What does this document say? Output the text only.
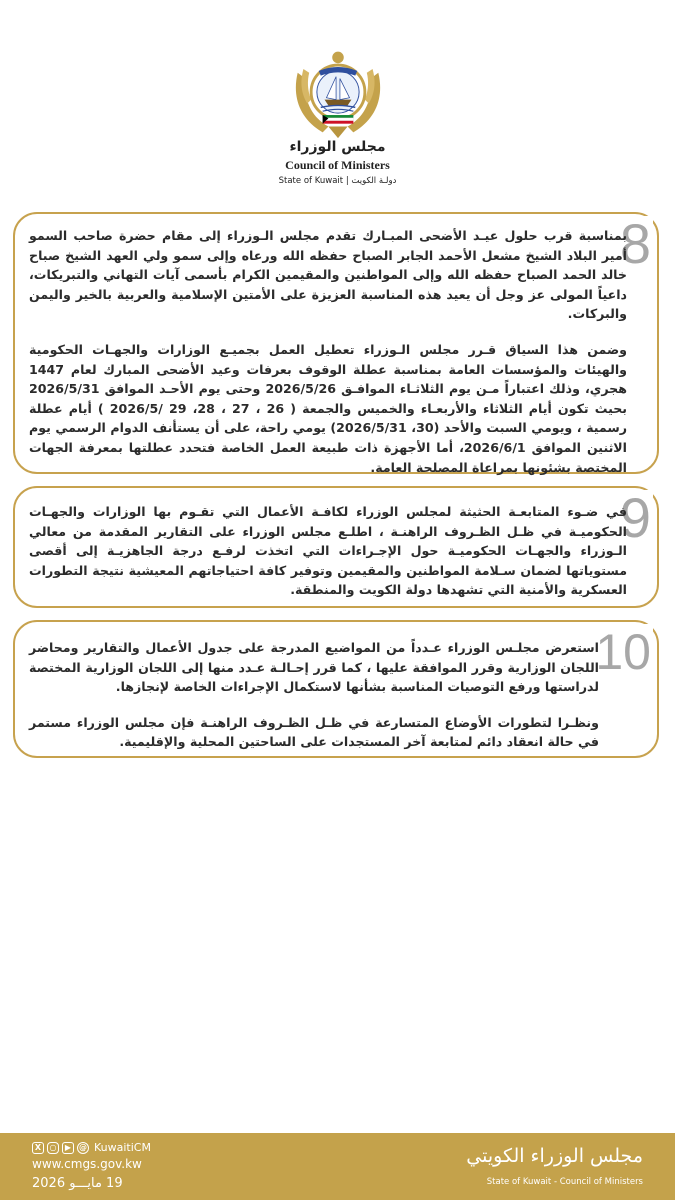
مجلس الوزراء
Council of Ministers
State of Kuwait | دولـة الكويت
8

بمناسبة قرب حلول عيـد الأضحى المبـارك تقدم مجلس الـوزراء إلى مقام حضرة صاحب السمو أمير البلاد الشيخ مشعل الأحمد الجابر الصباح حفظه الله ورعاه وإلى سمو ولي العهد الشيخ صباح خالد الحمد الصباح حفظه الله وإلى المواطنين والمقيمين الكرام بأسمى آيات التهاني والتبريكات، داعياً المولى عز وجل أن يعيد هذه المناسبة العزيزة على الأمتين الإسلامية والعربية بالخير واليمن والبركات.

وضمن هذا السياق قـرر مجلس الـوزراء تعطيل العمل بجميـع الوزارات والجهـات الحكومية والهيئات والمؤسسات العامة بمناسبة عطلة الوقوف بعرفات وعيد الأضحى المبارك لعام 1447 هجري، وذلك اعتباراً مـن يوم الثلاثـاء الموافـق 2026/5/26 وحتى يوم الأحـد الموافق 2026/5/31 بحيث تكون أيام الثلاثاء والأربعـاء والخميس والجمعة ( 26 ، 27 ، 28، 29 /2026/5 ) أيام عطلة رسمية ، ويومي السبت والأحد (30، 2026/5/31) يومي راحة، على أن يستأنف الدوام الرسمي يوم الاثنين الموافق 2026/6/1، أما الأجهزة ذات طبيعة العمل الخاصة فتحدد عطلتها بمعرفة الجهات المختصة بشئونها بمراعاة المصلحة العامة.

9

في ضـوء المتابعـة الحثيثة لمجلس الوزراء لكافـة الأعمال التي تقـوم بها الوزارات والجهـات الحكوميـة في ظـل الظـروف الراهنـة ، اطلـع مجلس الوزراء على التقارير المقدمة من معالي الـوزراء والجهـات الحكوميـة حول الإجـراءات التي اتخذت لرفـع درجة الجاهزيـة إلى أقصى مستوياتها لضمان سـلامة المواطنين والمقيمين وتوفير كافة احتياجاتهم المعيشية نتيجة التطورات العسكرية والأمنية التي تشهدها دولة الكويت والمنطقة.

10

استعرض مجلـس الوزراء عـدداً من المواضيع المدرجة على جدول الأعمال والتقارير ومحاضر اللجان الوزارية وقرر الموافقة عليها ، كما قرر إحـالـة عـدد منها إلى اللجان الوزارية المختصة لدراستها ورفع التوصيات المناسبة بشأنها لاستكمال الإجراءات الخاصة لإنجازها.

ونظـرا لتطورات الأوضاع المتسارعة في ظـل الظـروف الراهنـة فإن مجلس الوزراء مستمر في حالة انعقاد دائم لمتابعة آخر المستجدات على الساحتين المحلية والإقليمية.

X	○	▶ @ KuwaitiCM
www.cmgs.gov.kw
19 مايـــو 2026
مجلس الوزراء الكويتي
State of Kuwait - Council of Ministers
